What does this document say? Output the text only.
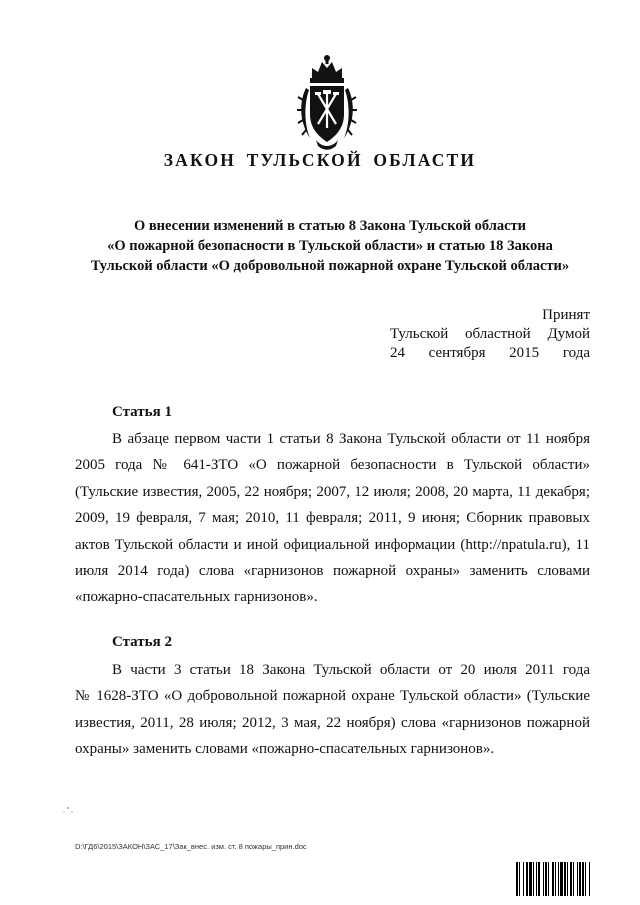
ЗАКОН ТУЛЬСКОЙ ОБЛАСТИ
О внесении изменений в статью 8 Закона Тульской области
«О пожарной безопасности в Тульской области» и статью 18 Закона
Тульской области «О добровольной пожарной охране Тульской области»
Принят
Тульской областной Думой
24 сентября 2015 года
Статья 1
В абзаце первом части 1 статьи 8 Закона Тульской области от 11 ноября
2005 года № 641-ЗТО «О пожарной безопасности в Тульской области»
(Тульские известия, 2005, 22 ноября; 2007, 12 июля; 2008, 20 марта, 11 декабря;
2009, 19 февраля, 7 мая; 2010, 11 февраля; 2011, 9 июня; Сборник правовых
актов Тульской области и иной официальной информации (http://npatula.ru), 11
июля 2014 года) слова «гарнизонов пожарной охраны» заменить словами
«пожарно-спасательных гарнизонов».
Статья 2
В части 3 статьи 18 Закона Тульской области от 20 июля 2011 года
№ 1628-ЗТО «О добровольной пожарной охране Тульской области» (Тульские
известия, 2011, 28 июля; 2012, 3 мая, 22 ноября) слова «гарнизонов пожарной
охраны» заменить словами «пожарно-спасательных гарнизонов».
D:\ГД6\2015\ЗАКОН\ЗАС_17\Зак_внес. изм. ст. 8 пожары_прин.doc
